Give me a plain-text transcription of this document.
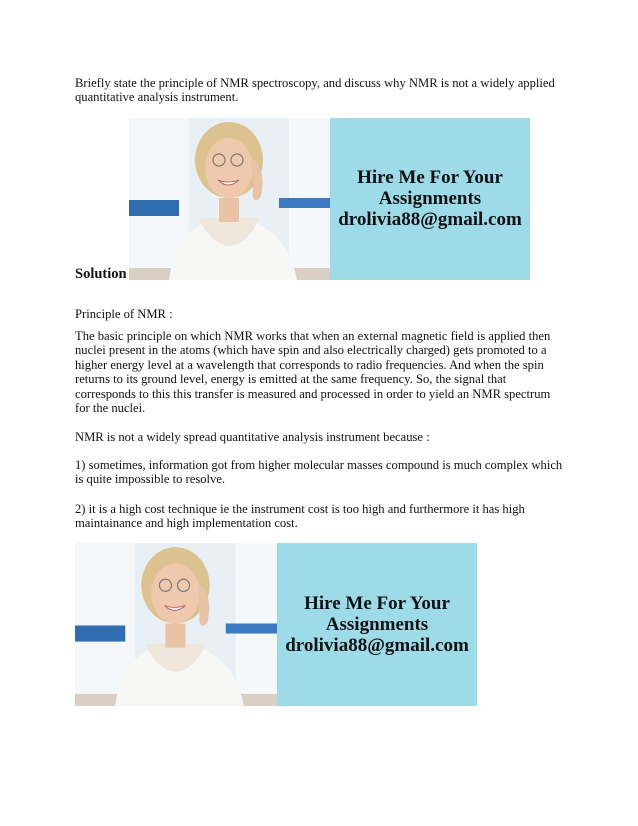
Briefly state the principle of NMR spectroscopy, and discuss why NMR is not a widely applied
quantitative analysis instrument.

Hire Me For Your
Assignments
drolivia88@gmail.com

Solution

Principle of NMR :

The basic principle on which NMR works that when an external magnetic field is applied then
nuclei present in the atoms (which have spin and also electrically charged) gets promoted to a
higher energy level at a wavelength that corresponds to radio frequencies. And when the spin
returns to its ground level, energy is emitted at the same frequency. So, the signal that
corresponds to this this transfer is measured and processed in order to yield an NMR spectrum
for the nuclei.

NMR is not a widely spread quantitative analysis instrument because :

1) sometimes, information got from higher molecular masses compound is much complex which
is quite impossible to resolve.

2) it is a high cost technique ie the instrument cost is too high and furthermore it has high
maintainance and high implementation cost.

Hire Me For Your
Assignments
drolivia88@gmail.com
